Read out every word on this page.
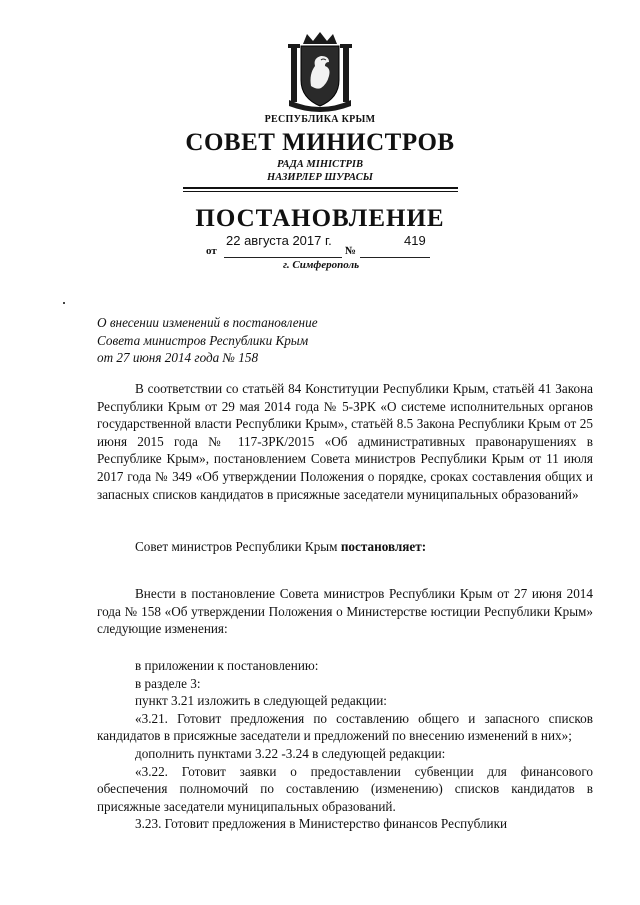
РЕСПУБЛИКА КРЫМ
СОВЕТ МИНИСТРОВ
РАДА МІНІСТРІВ
НАЗИРЛЕР ШУРАСЫ
ПОСТАНОВЛЕНИЕ
22 августа 2017 г.	419
от	№
г. Симферополь
О внесении изменений в постановление
Совета министров Республики Крым
от 27 июня 2014 года № 158

В соответствии со статьёй 84 Конституции Республики Крым, статьёй 41 Закона Республики Крым от 29 мая 2014 года № 5-ЗРК «О системе исполнительных органов государственной власти Республики Крым», статьёй 8.5 Закона Республики Крым от 25 июня 2015 года № 117-ЗРК/2015 «Об административных правонарушениях в Республике Крым», постановлением Совета министров Республики Крым от 11 июля 2017 года № 349 «Об утверждении Положения о порядке, сроках составления общих и запасных списков кандидатов в присяжные заседатели муниципальных образований»

Совет министров Республики Крым постановляет:

Внести в постановление Совета министров Республики Крым от 27 июня 2014 года № 158 «Об утверждении Положения о Министерстве юстиции Республики Крым» следующие изменения:

в приложении к постановлению:

в разделе 3:

пункт 3.21 изложить в следующей редакции:

«3.21. Готовит предложения по составлению общего и запасного списков кандидатов в присяжные заседатели и предложений по внесению изменений в них»;

дополнить пунктами 3.22 -3.24 в следующей редакции:

«3.22. Готовит заявки о предоставлении субвенции для финансового обеспечения полномочий по составлению (изменению) списков кандидатов в присяжные заседатели муниципальных образований.

3.23. Готовит предложения в Министерство финансов Республики
